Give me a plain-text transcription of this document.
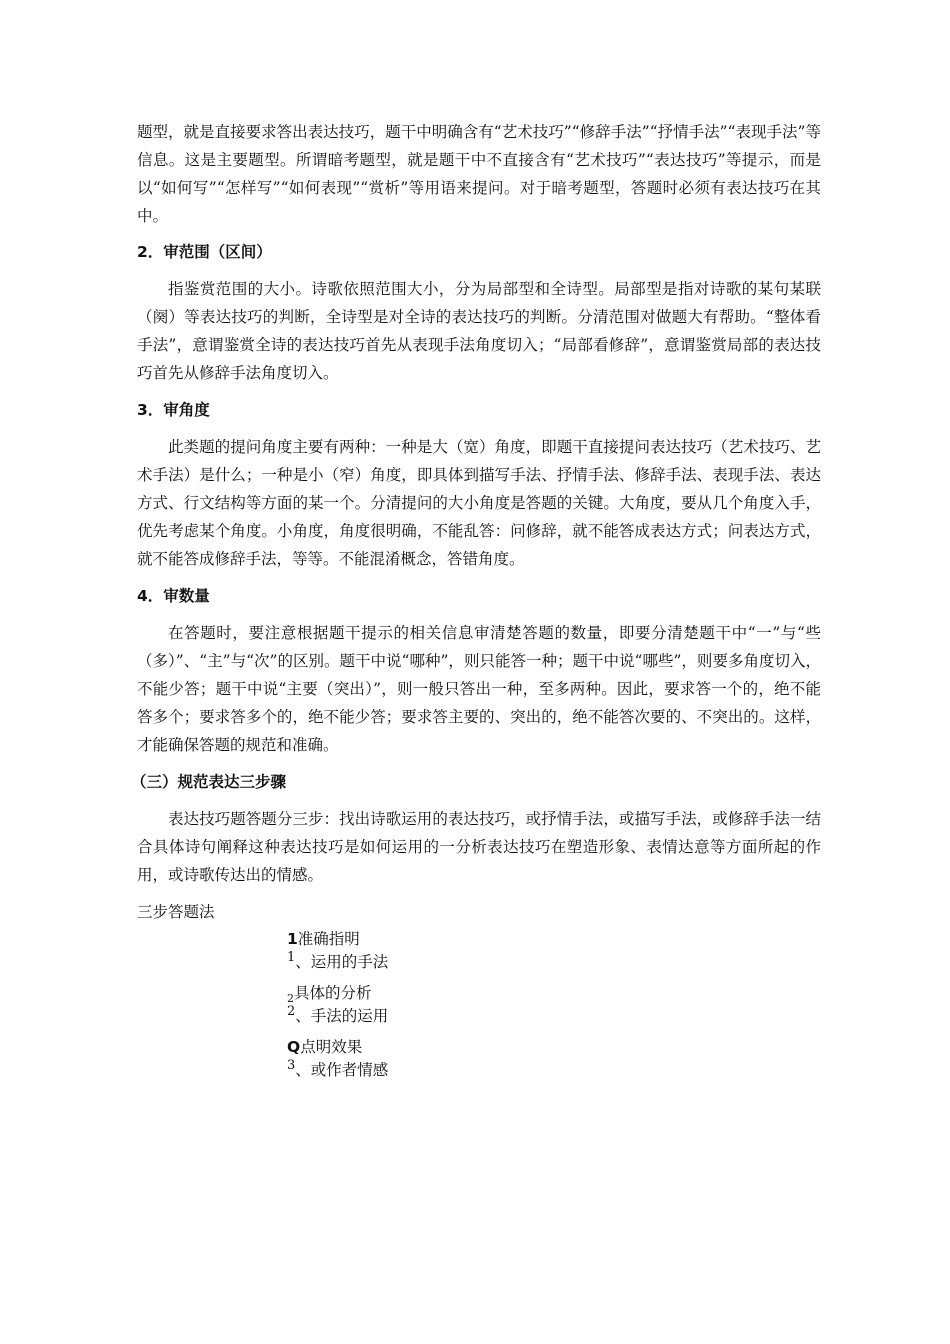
题型，就是直接要求答出表达技巧，题干中明确含有“艺术技巧”“修辞手法”“抒情手法”“表现手法”等信息。这是主要题型。所谓暗考题型，就是题干中不直接含有“艺术技巧”“表达技巧”等提示，而是以“如何写”“怎样写”“如何表现”“赏析”等用语来提问。对于暗考题型，答题时必须有表达技巧在其中。

2．审范围（区间）

指鉴赏范围的大小。诗歌依照范围大小，分为局部型和全诗型。局部型是指对诗歌的某句某联（阕）等表达技巧的判断，全诗型是对全诗的表达技巧的判断。分清范围对做题大有帮助。“整体看手法”，意谓鉴赏全诗的表达技巧首先从表现手法角度切入；“局部看修辞”，意谓鉴赏局部的表达技巧首先从修辞手法角度切入。

3．审角度

此类题的提问角度主要有两种：一种是大（宽）角度，即题干直接提问表达技巧（艺术技巧、艺术手法）是什么；一种是小（窄）角度，即具体到描写手法、抒情手法、修辞手法、表现手法、表达方式、行文结构等方面的某一个。分清提问的大小角度是答题的关键。大角度，要从几个角度入手，优先考虑某个角度。小角度，角度很明确，不能乱答：问修辞，就不能答成表达方式；问表达方式，就不能答成修辞手法，等等。不能混淆概念，答错角度。

4．审数量

在答题时，要注意根据题干提示的相关信息审清楚答题的数量，即要分清楚题干中“一”与“些（多）”、“主”与“次”的区别。题干中说“哪种”，则只能答一种；题干中说“哪些”，则要多角度切入，不能少答；题干中说“主要（突出）”，则一般只答出一种，至多两种。因此，要求答一个的，绝不能答多个；要求答多个的，绝不能少答；要求答主要的、突出的，绝不能答次要的、不突出的。这样，才能确保答题的规范和准确。

（三）规范表达三步骤

表达技巧题答题分三步：找出诗歌运用的表达技巧，或抒情手法，或描写手法，或修辞手法一结合具体诗句阐释这种表达技巧是如何运用的一分析表达技巧在塑造形象、表情达意等方面所起的作用，或诗歌传达出的情感。

三步答题法
1准确指明
$^1$、运用的手法
$_2$具体的分析
$^2$、手法的运用
Q点明效果
$^3$、或作者情感
